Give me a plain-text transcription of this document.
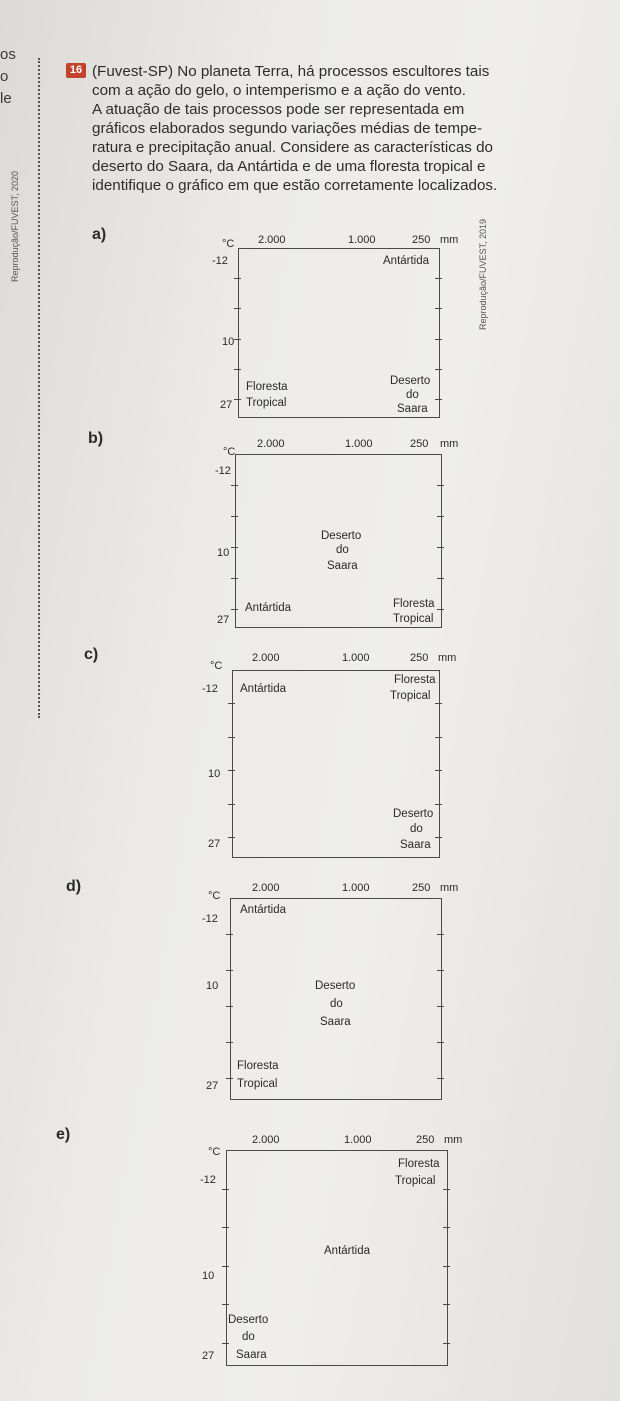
os
o
le
Reprodução/FUVEST, 2020	Reprodução/FUVEST, 2019
16 (Fuvest-SP) No planeta Terra, há processos escultores tais

com a ação do gelo, o intemperismo e a ação do vento.

A atuação de tais processos pode ser representada em

gráficos elaborados segundo variações médias de tempe-

ratura e precipitação anual. Considere as características do

deserto do Saara, da Antártida e de uma floresta tropical e

identifique o gráfico em que estão corretamente localizados.

a)
°C 2.000	1.000	250 mm
-12
10
27
Antártida
Floresta
Tropical
Deserto
do
Saara
b)
°C
2.000	1.000	250 mm
-12
10
27
Deserto
do
Saara
Antártida	Floresta
Tropical
c)
°C
2.000	1.000	250 mm
-12
10
27
Antártida
Floresta
Tropical
Deserto
do
Saara
d)
°C
2.000	1.000	250 mm
-12
10
27
Antártida
Deserto
do
Saara
Floresta
Tropical
e)
°C
2.000	1.000	250 mm
-12
10
27
Floresta
Tropical
Antártida
Deserto
do
Saara
